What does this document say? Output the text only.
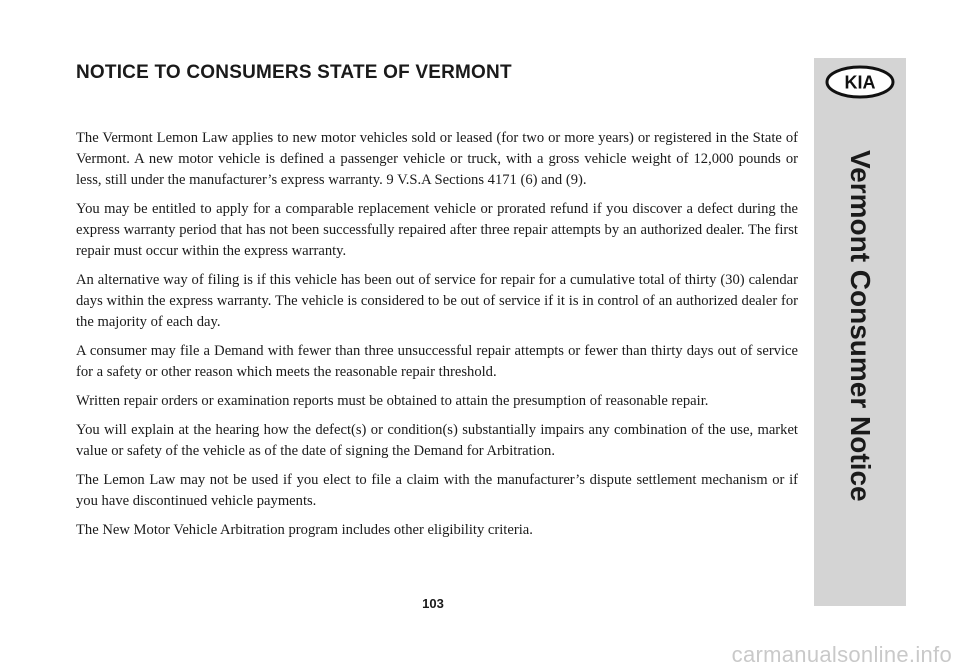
NOTICE TO CONSUMERS STATE OF VERMONT

The Vermont Lemon Law applies to new motor vehicles sold or leased (for two or more years) or registered in the State of Vermont. A new motor vehicle is defined a passenger vehicle or truck, with a gross vehicle weight of 12,000 pounds or less, still under the manufacturer’s express warranty. 9 V.S.A Sections 4171 (6) and (9).

You may be entitled to apply for a comparable replacement vehicle or prorated refund if you discover a defect during the express warranty period that has not been successfully repaired after three repair attempts by an authorized dealer. The first repair must occur within the express warranty.

An alternative way of filing is if this vehicle has been out of service for repair for a cumulative total of thirty (30) calendar days within the express warranty. The vehicle is considered to be out of service if it is in control of an authorized dealer for the majority of each day.

A consumer may file a Demand with fewer than three unsuccessful repair attempts or fewer than thirty days out of service for a safety or other reason which meets the reasonable repair threshold.

Written repair orders or examination reports must be obtained to attain the presumption of reasonable repair.

You will explain at the hearing how the defect(s) or condition(s) substantially impairs any combination of the use, market value or safety of the vehicle as of the date of signing the Demand for Arbitration.

The Lemon Law may not be used if you elect to file a claim with the manufacturer’s dispute settlement mechanism or if you have discontinued vehicle payments.

The New Motor Vehicle Arbitration program includes other eligibility criteria.

103
KIA
Vermont Consumer Notice
carmanualsonline.info
